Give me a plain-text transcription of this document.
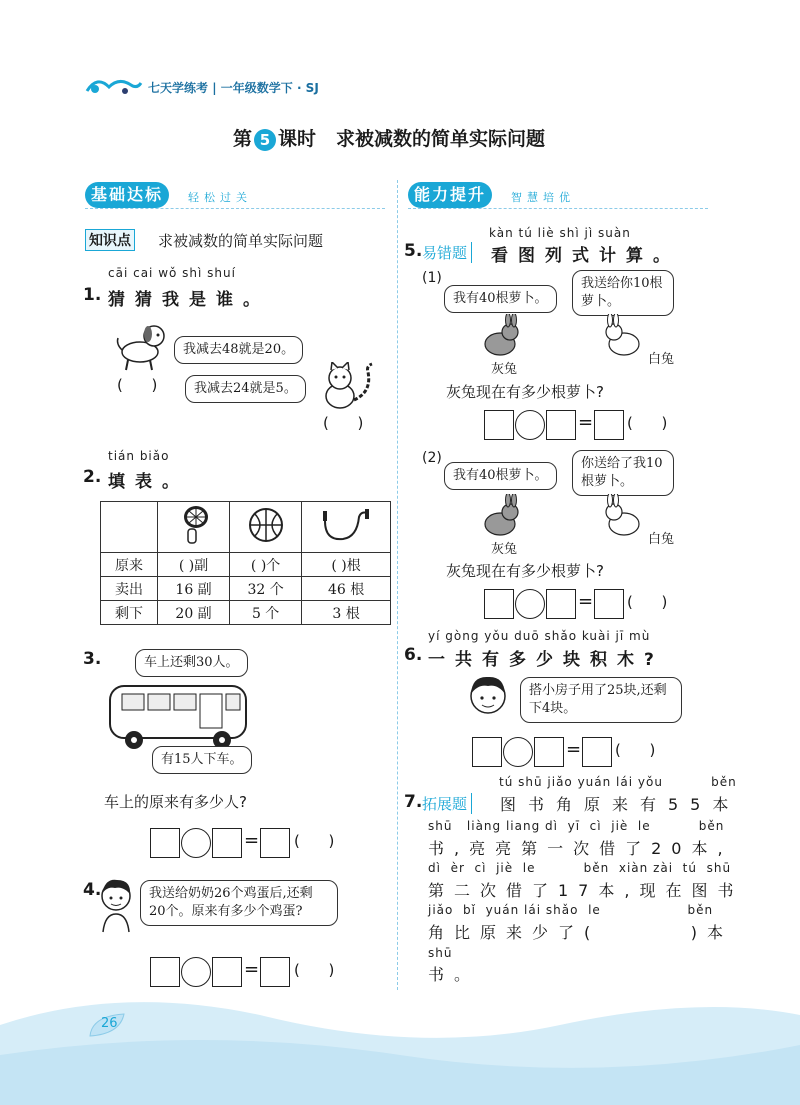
七天学练考 | 一年级数学下 · SJ
第 5 课时 求被减数的简单实际问题
基础达标	轻松过关
知识点 求被减数的简单实际问题
cāi cai wǒ shì shuí
1. 猜猜我是谁。
我减去48就是20。
(      )	我减去24就是5。
(      )
tián biǎo
2. 填表。

原来	( )副	( )个	( )根
卖出	16 副	32 个	46 根
剩下	20 副	5 个	3 根
3.	车上还剩30人。
有15人下车。
车上的原来有多少人?
= (      )
4.	我送给奶奶26个鸡蛋后,还剩20个。原来有多少个鸡蛋?
= (      )
能力提升	智慧培优
kàn tú liè shì jì suàn
5. 易错题 看图列式计算。
(1)
我有40根萝卜。
我送给你10根萝卜。
灰兔
白兔
灰兔现在有多少根萝卜?
= (      )
(2)
我有40根萝卜。
你送给了我10根萝卜。
灰兔
白兔
灰兔现在有多少根萝卜?
= (      )
yí gòng yǒu duō shǎo kuài jī mù
6. 一共有多少块积木?
搭小房子用了25块,还剩下4块。
= (      )
tú shū jiǎo yuán lái yǒu          běn
7. 拓展题	图书角原来有55本
shū   liàng liang dì  yī  cì  jiè  le          běn
书,亮亮第一次借了20本,
dì  èr  cì  jiè  le          běn  xiàn zài  tú  shū
第二次借了17本,现在图书
jiǎo  bǐ  yuán lái shǎo  le                  běn
角比原来少了(      )本
shū
书。
26
